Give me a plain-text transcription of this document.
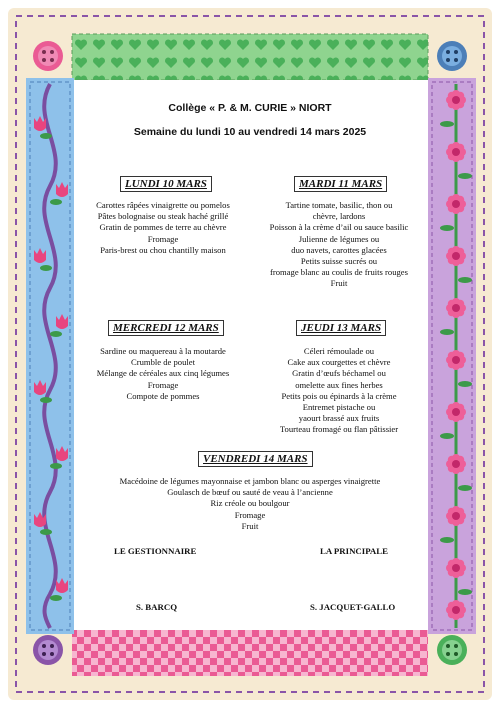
Collège « P. & M. CURIE » NIORT
Semaine du lundi 10 au vendredi 14 mars 2025
LUNDI 10 MARS	MARDI 11 MARS
Carottes râpées vinaigrette ou pomelos
Pâtes bolognaise ou steak haché grillé
Gratin de pommes de terre au chèvre
Fromage
Paris-brest ou chou chantilly maison
Tartine tomate, basilic, thon ou
chèvre, lardons
Poisson à la crème d’ail ou sauce basilic
Julienne de légumes ou
duo navets, carottes glacées
Petits suisse sucrés ou
fromage blanc au coulis de fruits rouges
Fruit
MERCREDI 12 MARS	JEUDI 13 MARS
Sardine ou maquereau à la moutarde
Crumble de poulet
Mélange de céréales aux cinq légumes
Fromage
Compote de pommes
Céleri rémoulade ou
Cake aux courgettes et chèvre
Gratin d’œufs béchamel ou
omelette aux fines herbes
Petits pois ou épinards à la crème
Entremet pistache ou
yaourt brassé aux fruits
Tourteau fromagé ou flan pâtissier
VENDREDI 14 MARS
Macédoine de légumes mayonnaise et jambon blanc ou asperges vinaigrette
Goulasch de bœuf ou sauté de veau à l’ancienne
Riz créole ou boulgour
Fromage
Fruit
LE GESTIONNAIRE	LA PRINCIPALE
S. BARCQ	S. JACQUET-GALLO
